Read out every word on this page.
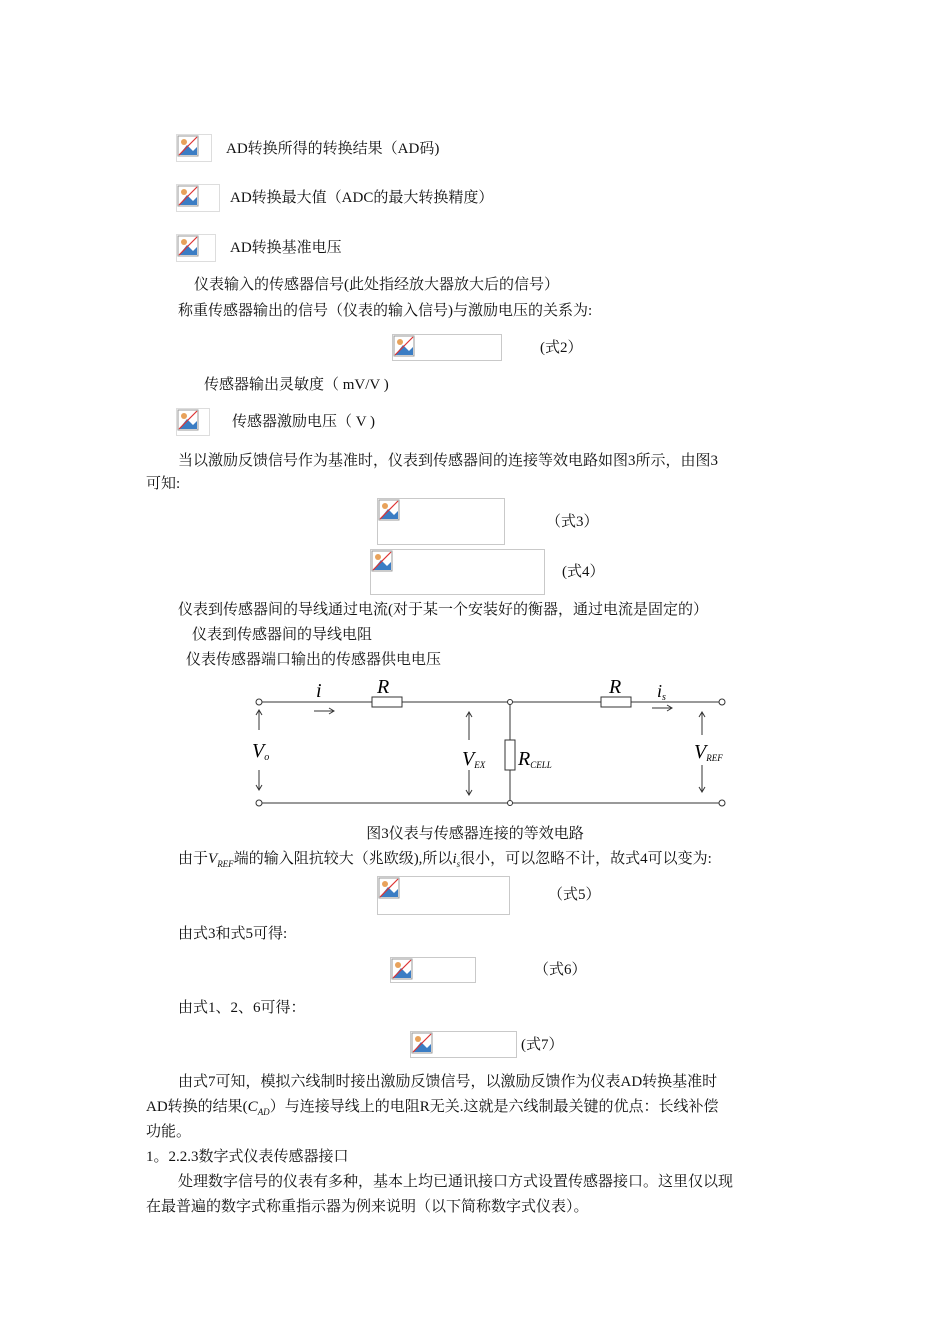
AD转换所得的转换结果（AD码)
AD转换最大值（ADC的最大转换精度）
AD转换基准电压
仪表输入的传感器信号(此处指经放大器放大后的信号）
称重传感器输出的信号（仪表的输入信号)与激励电压的关系为:
(式2）
传感器输出灵敏度（ mV/V )
传感器激励电压（ V )
当以激励反馈信号作为基准时，仪表到传感器间的连接等效电路如图3所示，由图3
可知:
（式3）
(式4）
仪表到传感器间的导线通过电流(对于某一个安装好的衡器，通过电流是固定的）
仪表到传感器间的导线电阻
仪表传感器端口输出的传感器供电电压
i	R	R is
Vo	VEX RCELL
VREF
图3仪表与传感器连接的等效电路
由于$V_{REF}$端的输入阻抗较大（兆欧级),所以$i_s$很小，可以忽略不计，故式4可以变为:
（式5）
由式3和式5可得:
（式6）
由式1、2、6可得：
(式7）
由式7可知，模拟六线制时接出激励反馈信号，以激励反馈作为仪表AD转换基准时
AD转换的结果$(C_{AD})$与连接导线上的电阻R无关.这就是六线制最关键的优点：长线补偿
功能。
1。2.2.3数字式仪表传感器接口
处理数字信号的仪表有多种，基本上均已通讯接口方式设置传感器接口。这里仅以现
在最普遍的数字式称重指示器为例来说明（以下简称数字式仪表）。
